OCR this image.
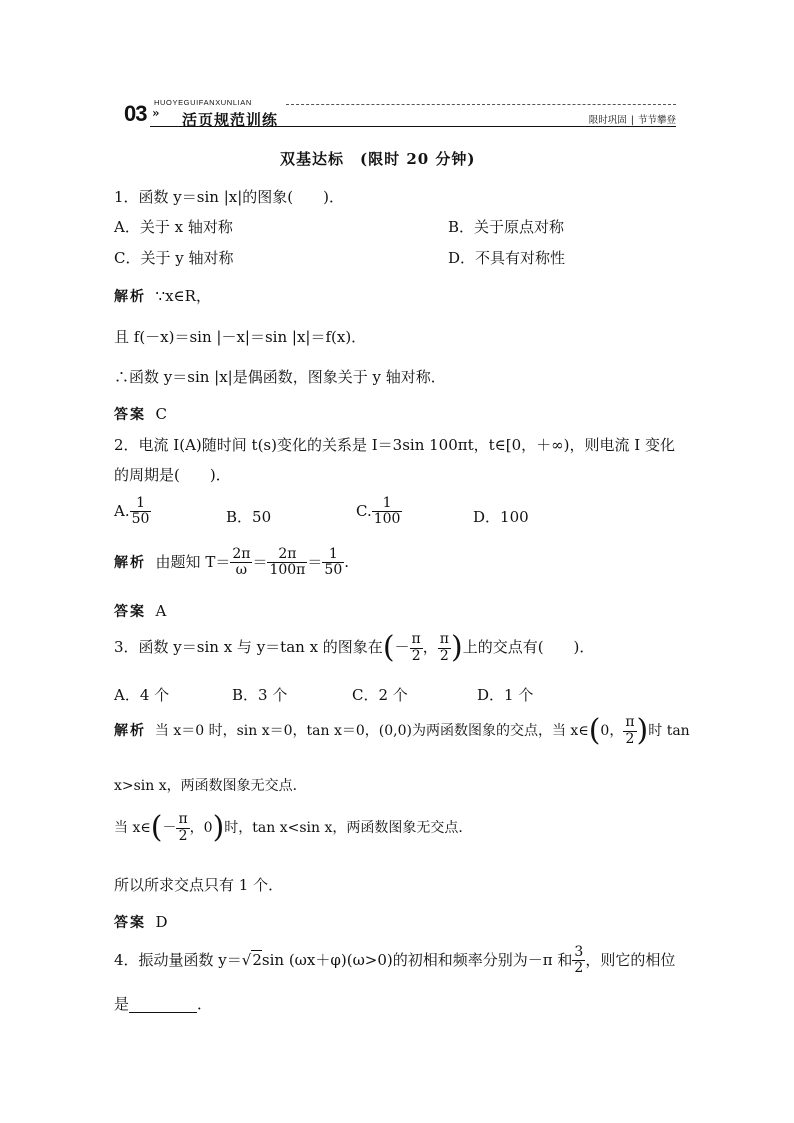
03 »
HUOYEGUIFANXUNLIAN
活页规范训练	限时巩固 | 节节攀登
双基达标　(限时 20 分钟)
1．函数 y＝sin |x|的图象(　　)．
A．关于 x 轴对称	B．关于原点对称
C．关于 y 轴对称	D．不具有对称性
解析 ∵x∈R，
且 f(－x)＝sin |－x|＝sin |x|＝f(x)．
∴函数 y＝sin |x|是偶函数，图象关于 y 轴对称．
答案 C
2．电流 I(A)随时间 t(s)变化的关系是 I＝3sin 100πt，t∈[0，＋∞)，则电流 I 变化
的周期是(　　)．
A. $\frac{1}{50}$	B．50	C. $\frac{1}{100}$	D．100
解析 由题知 $T= \frac{2\pi}{\omega} = \frac{2\pi}{100\pi} = \frac{1}{50}$ .
答案 A
3．函数 y＝sin x 与 y＝tan x 的图象在(－ $\frac{\pi}{2}$ ， $\frac{\pi}{2}$ )上的交点有(　　)．
A．4 个	B．3 个	C．2 个	D．1 个
解析 当 x＝0 时，sin x＝0，tan x＝0，(0,0)为两函数图象的交点，当 x∈(0， $\frac{\pi}{2}$ )时 tan
x>sin x，两函数图象无交点．
当 x∈(－ $\frac{\pi}{2}$ ，0)时，tan x<sin x，两函数图象无交点．
所以所求交点只有 1 个．
答案 D
4．振动量函数 y＝√2sin (ωx＋φ)(ω>0)的初相和频率分别为－π 和 $\frac{3}{2}$ ，则它的相位
是	．
